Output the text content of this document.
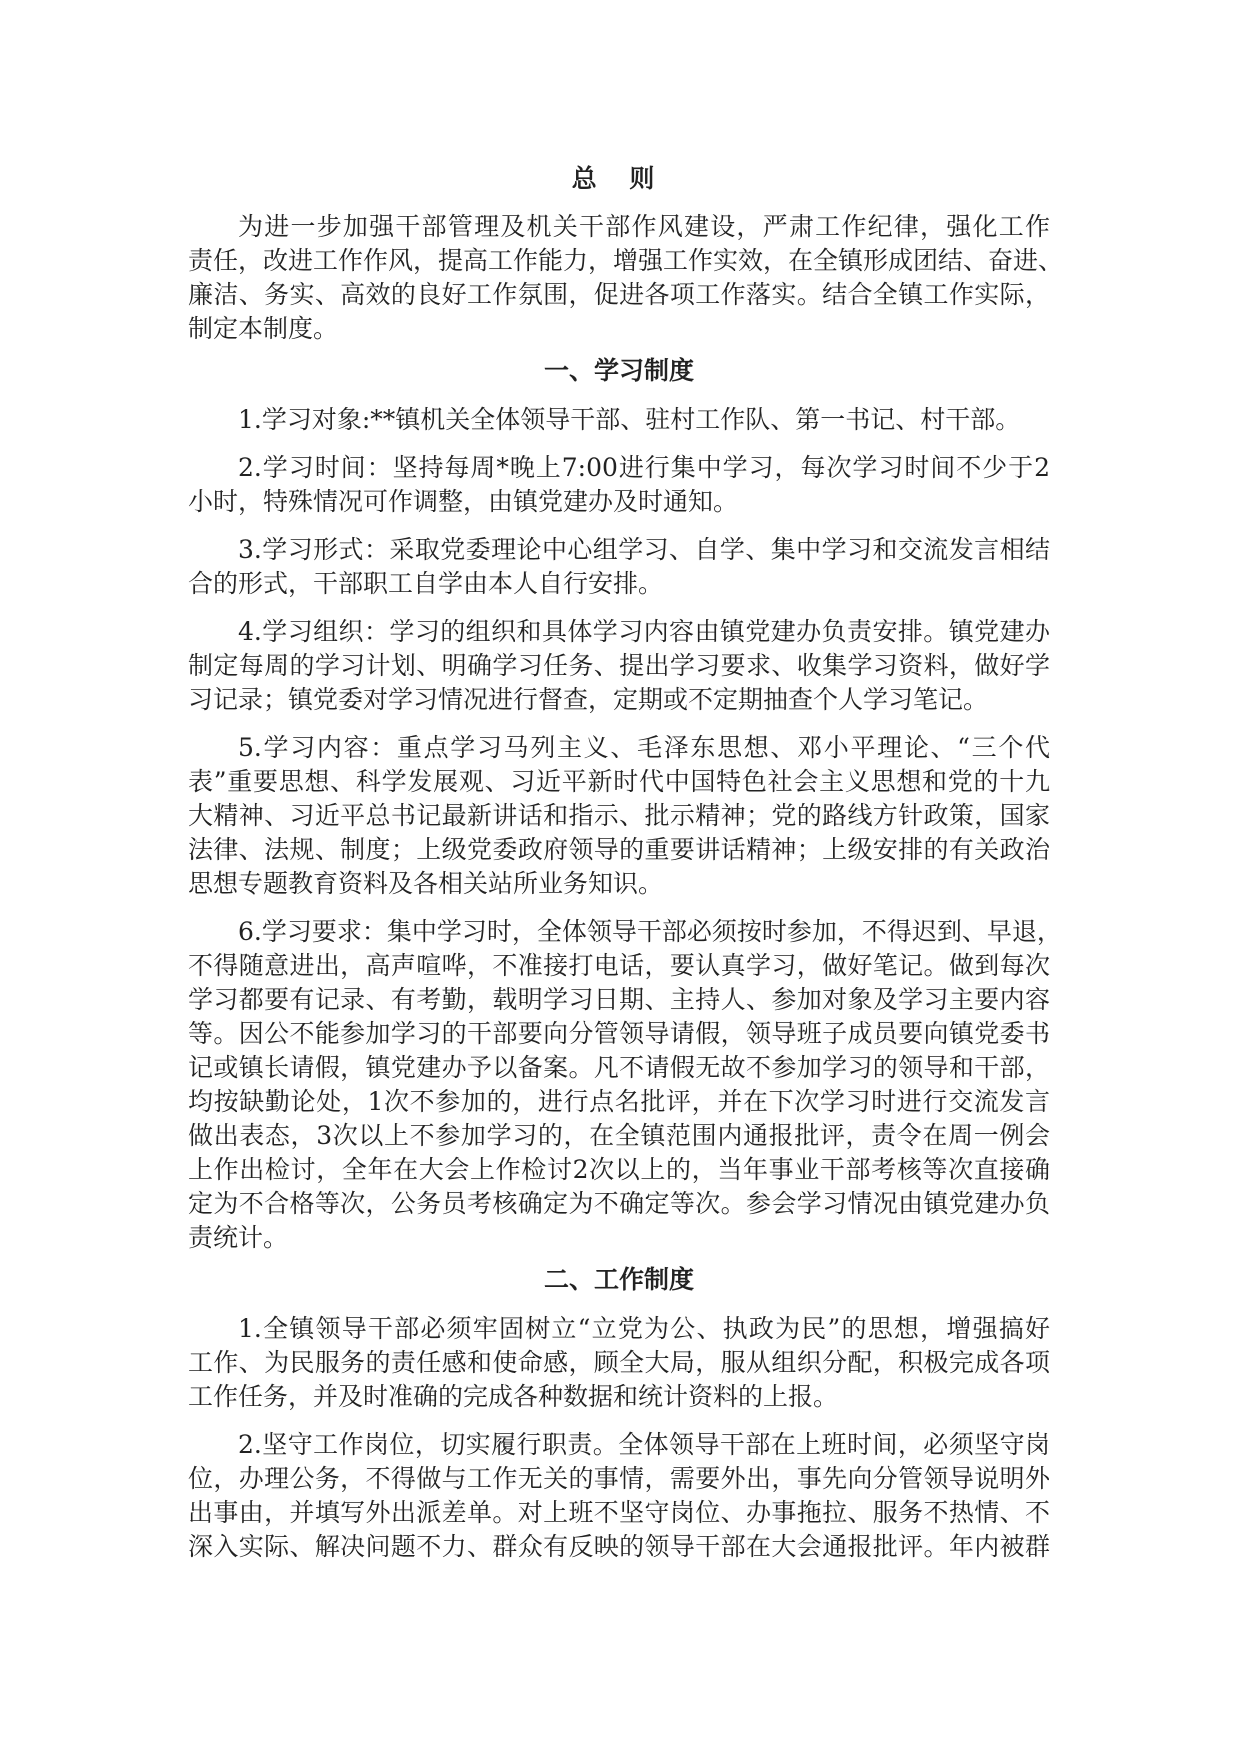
总 则
为进一步加强干部管理及机关干部作风建设，严肃工作纪律，强化工作
责任，改进工作作风，提高工作能力，增强工作实效，在全镇形成团结、奋进、
廉洁、务实、高效的良好工作氛围，促进各项工作落实。结合全镇工作实际，
制定本制度。
一、学习制度
1.学习对象:**镇机关全体领导干部、驻村工作队、第一书记、村干部。
2.学习时间：坚持每周*晚上7:00进行集中学习，每次学习时间不少于2
小时，特殊情况可作调整，由镇党建办及时通知。
3.学习形式：采取党委理论中心组学习、自学、集中学习和交流发言相结
合的形式，干部职工自学由本人自行安排。
4.学习组织：学习的组织和具体学习内容由镇党建办负责安排。镇党建办
制定每周的学习计划、明确学习任务、提出学习要求、收集学习资料，做好学
习记录；镇党委对学习情况进行督查，定期或不定期抽查个人学习笔记。
5.学习内容：重点学习马列主义、毛泽东思想、邓小平理论、“三个代
表”重要思想、科学发展观、习近平新时代中国特色社会主义思想和党的十九
大精神、习近平总书记最新讲话和指示、批示精神；党的路线方针政策，国家
法律、法规、制度；上级党委政府领导的重要讲话精神；上级安排的有关政治
思想专题教育资料及各相关站所业务知识。
6.学习要求：集中学习时，全体领导干部必须按时参加，不得迟到、早退，
不得随意进出，高声喧哗，不准接打电话，要认真学习，做好笔记。做到每次
学习都要有记录、有考勤，载明学习日期、主持人、参加对象及学习主要内容
等。因公不能参加学习的干部要向分管领导请假，领导班子成员要向镇党委书
记或镇长请假，镇党建办予以备案。凡不请假无故不参加学习的领导和干部，
均按缺勤论处，1次不参加的，进行点名批评，并在下次学习时进行交流发言
做出表态，3次以上不参加学习的，在全镇范围内通报批评，责令在周一例会
上作出检讨，全年在大会上作检讨2次以上的，当年事业干部考核等次直接确
定为不合格等次，公务员考核确定为不确定等次。参会学习情况由镇党建办负
责统计。
二、工作制度
1.全镇领导干部必须牢固树立“立党为公、执政为民”的思想，增强搞好
工作、为民服务的责任感和使命感，顾全大局，服从组织分配，积极完成各项
工作任务，并及时准确的完成各种数据和统计资料的上报。
2.坚守工作岗位，切实履行职责。全体领导干部在上班时间，必须坚守岗
位，办理公务，不得做与工作无关的事情，需要外出，事先向分管领导说明外
出事由，并填写外出派差单。对上班不坚守岗位、办事拖拉、服务不热情、不
深入实际、解决问题不力、群众有反映的领导干部在大会通报批评。年内被群
